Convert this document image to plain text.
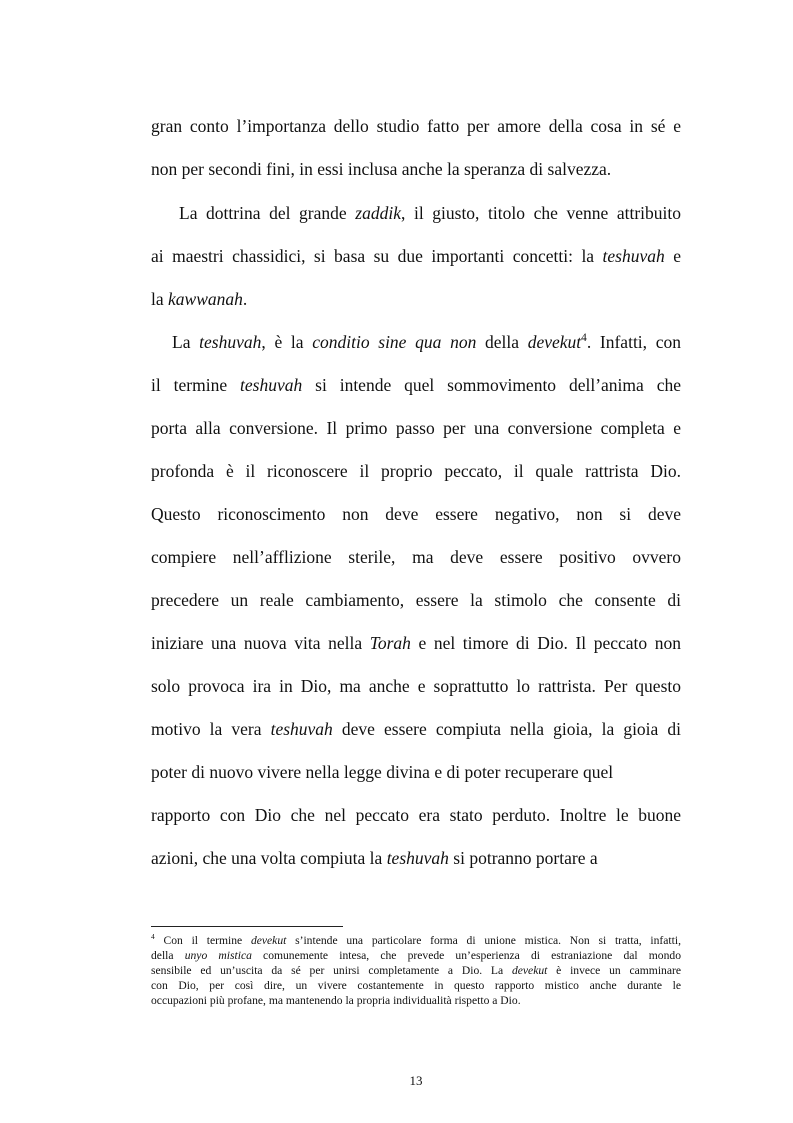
gran conto l’importanza dello studio fatto per amore della cosa in sé e
non per secondi fini, in essi inclusa anche la speranza di salvezza.
La dottrina del grande zaddik, il giusto, titolo che venne attribuito
ai maestri chassidici, si basa su due importanti concetti: la teshuvah e
la kawwanah.
La teshuvah, è la conditio sine qua non della devekut$^4$. Infatti, con
il termine teshuvah si intende quel sommovimento dell’anima che
porta alla conversione. Il primo passo per una conversione completa e
profonda è il riconoscere il proprio peccato, il quale rattrista Dio.
Questo riconoscimento non deve essere negativo, non si deve
compiere nell’afflizione sterile, ma deve essere positivo ovvero
precedere un reale cambiamento, essere la stimolo che consente di
iniziare una nuova vita nella Torah e nel timore di Dio. Il peccato non
solo provoca ira in Dio, ma anche e soprattutto lo rattrista. Per questo
motivo la vera teshuvah deve essere compiuta nella gioia, la gioia di
poter di nuovo vivere nella legge divina e di poter recuperare quel
rapporto con Dio che nel peccato era stato perduto. Inoltre le buone
azioni, che una volta compiuta la teshuvah si potranno portare a
$^4$ Con il termine devekut s’intende una particolare forma di unione mistica. Non si tratta, infatti,
della unyo mistica comunemente intesa, che prevede un’esperienza di estraniazione dal mondo
sensibile ed un’uscita da sé per unirsi completamente a Dio. La devekut è invece un camminare
con Dio, per così dire, un vivere costantemente in questo rapporto mistico anche durante le
occupazioni più profane, ma mantenendo la propria individualità rispetto a Dio.
13
